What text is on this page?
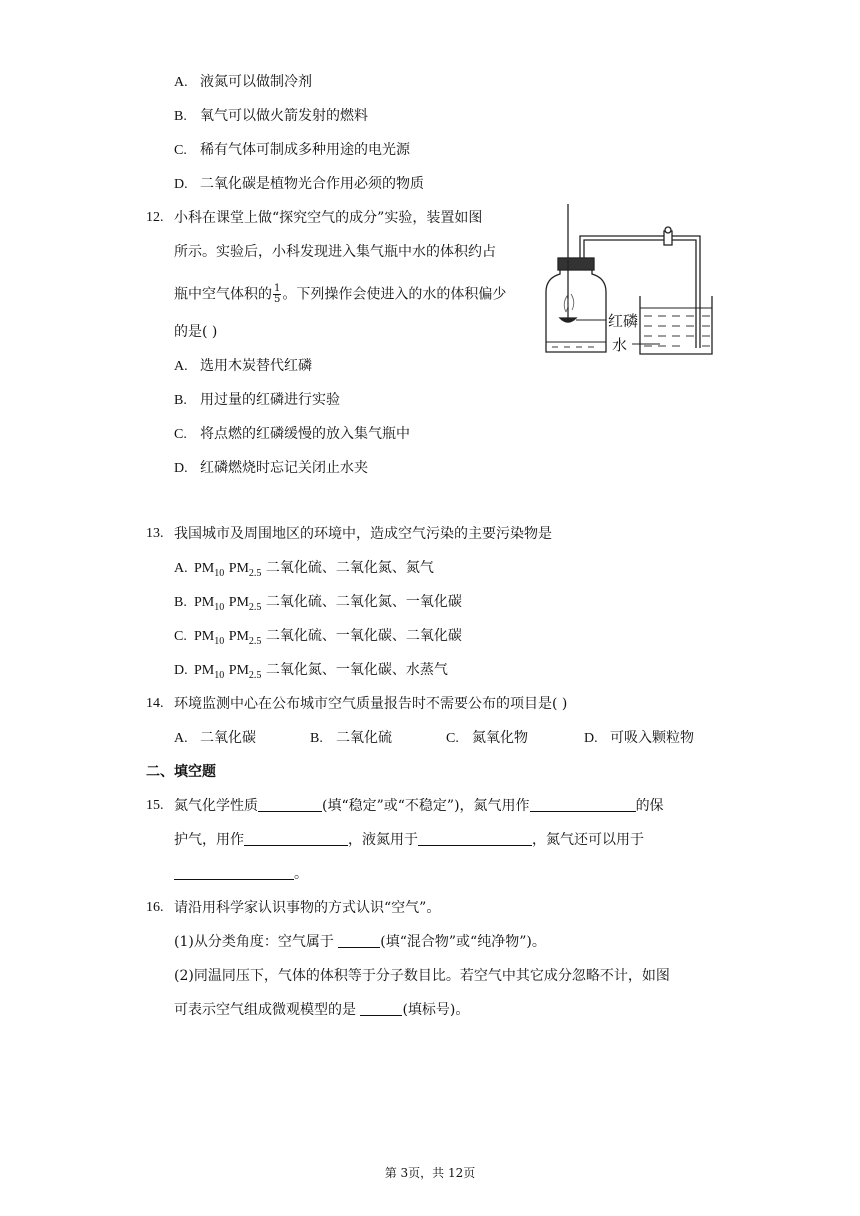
A. 液氮可以做制冷剂
B. 氧气可以做火箭发射的燃料
C. 稀有气体可制成多种用途的电光源
D. 二氧化碳是植物光合作用必须的物质
12. 小科在课堂上做“探究空气的成分”实验，装置如图
所示。实验后，小科发现进入集气瓶中水的体积约占
瓶中空气体积的 $\frac{1}{5}$ 。下列操作会使进入的水的体积偏少
的是( )
A. 选用木炭替代红磷
B. 用过量的红磷进行实验
C. 将点燃的红磷缓慢的放入集气瓶中
D. 红磷燃烧时忘记关闭止水夹
红磷
水
13. 我国城市及周围地区的环境中，造成空气污染的主要污染物是
A. $PM_{10}$ $PM_{2.5}$ 二氧化硫、二氧化氮、氮气
B. $PM_{10}$ $PM_{2.5}$ 二氧化硫、二氧化氮、一氧化碳
C. $PM_{10}$ $PM_{2.5}$ 二氧化硫、一氧化碳、二氧化碳
D. $PM_{10}$ $PM_{2.5}$ 二氧化氮、一氧化碳、水蒸气
14. 环境监测中心在公布城市空气质量报告时不需要公布的项目是( )
A. 二氧化碳	B. 二氧化硫	C. 氮氧化物	D. 可吸入颗粒物
二、填空题
15. 氮气化学性质	(填“稳定”或“不稳定”)，氮气用作	的保
护气，用作	，液氮用于	，氮气还可以用于
。
16. 请沿用科学家认识事物的方式认识“空气”。
(1)从分类角度：空气属于	(填“混合物”或“纯净物”)。
(2)同温同压下，气体的体积等于分子数目比。若空气中其它成分忽略不计，如图
可表示空气组成微观模型的是	(填标号)。
第 3页，共 12页
